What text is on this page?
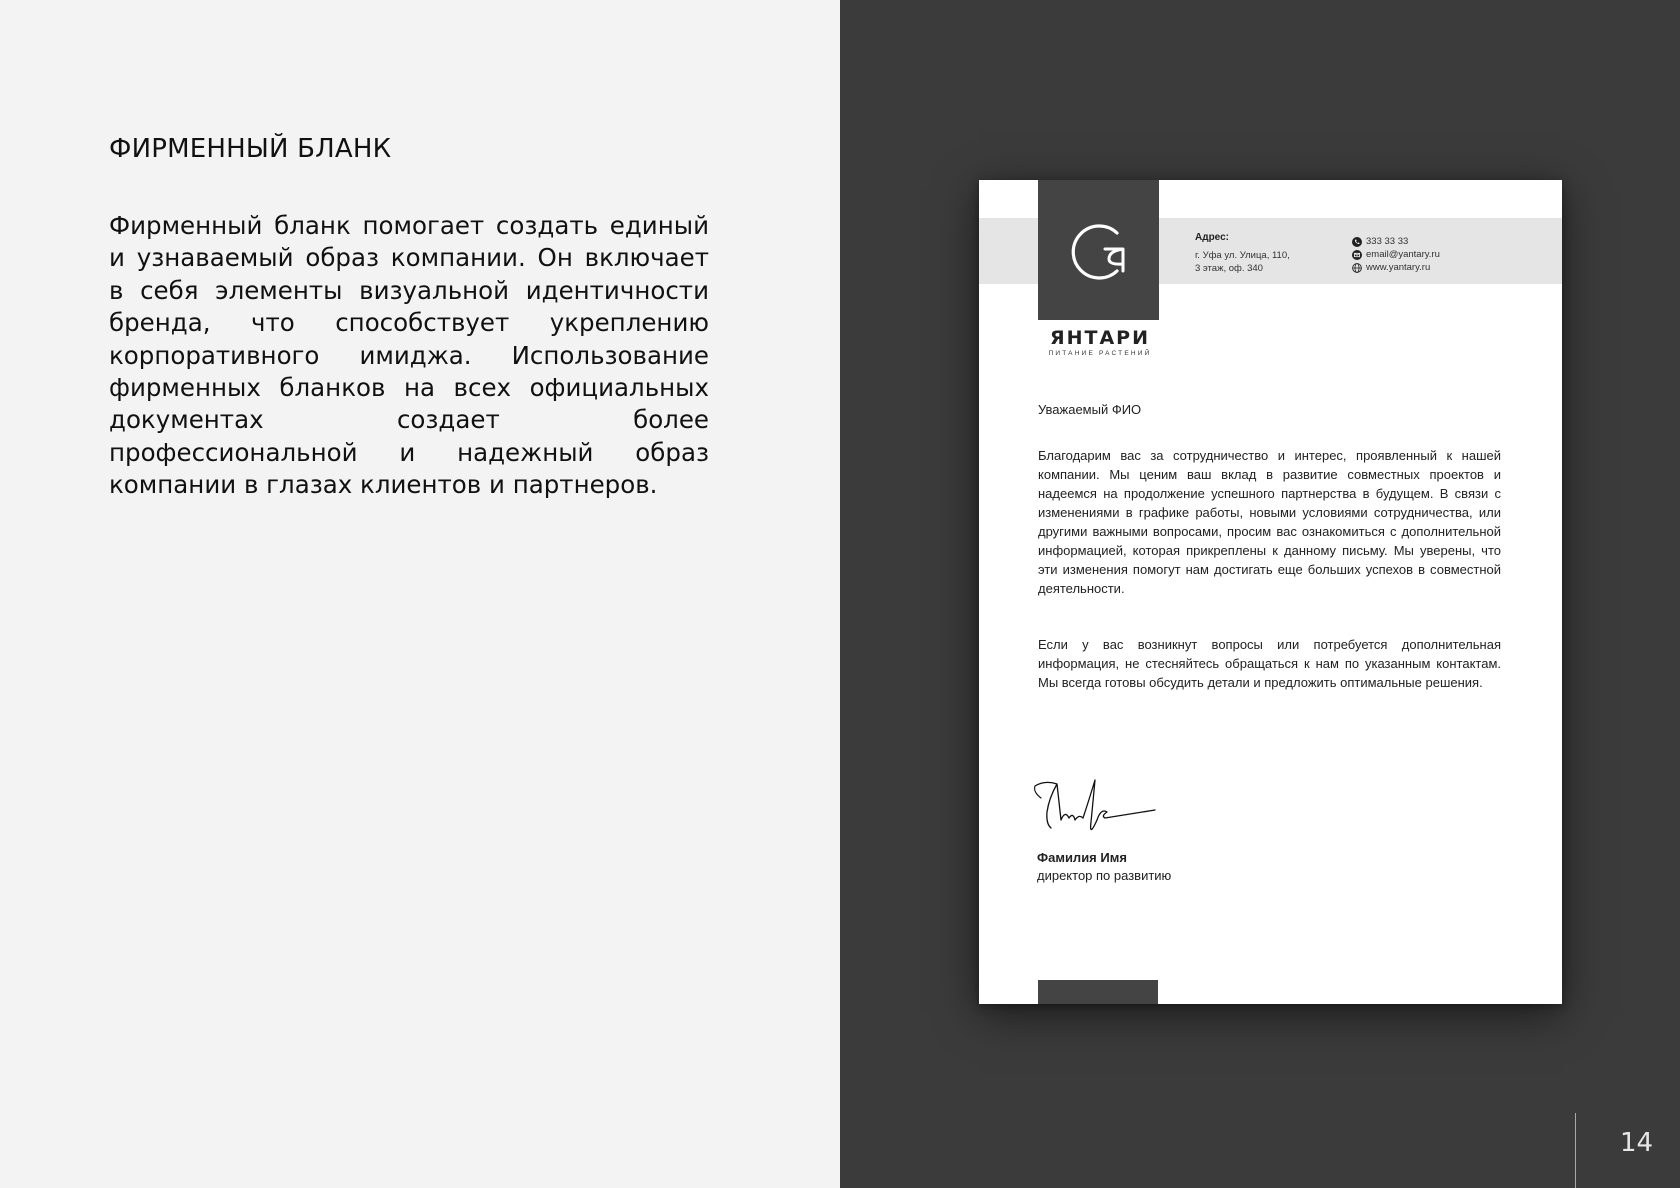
ФИРМЕННЫЙ БЛАНК

Фирменный бланк помогает создать единый и узнаваемый образ компании. Он включает в себя элементы визуальной идентичности бренда, что способствует укреплению корпоративного имиджа. Использование фирменных бланков на всех официальных документах создает более профессиональной и надежный образ компании в глазах клиентов и партнеров.

14
ЯНТАРИ
ПИТАНИЕ РАСТЕНИЙ
Адрес:
г. Уфа ул. Улица, 110,
3 этаж, оф. 340
333 33 33
email@yantary.ru
www.yantary.ru
Уважаемый ФИО

Благодарим вас за сотрудничество и интерес, проявленный к нашей компании. Мы ценим ваш вклад в развитие совместных проектов и надеемся на продолжение успешного партнерства в будущем. В связи с изменениями в графике работы, новыми условиями сотрудничества, или другими важными вопросами, просим вас ознакомиться с дополнительной информацией, которая прикреплены к данному письму. Мы уверены, что эти изменения помогут нам достигать еще больших успехов в совместной деятельности.

Если у вас возникнут вопросы или потребуется дополнительная информация, не стесняйтесь обращаться к нам по указанным контактам. Мы всегда готовы обсудить детали и предложить оптимальные решения.

Фамилия Имя
директор по развитию
